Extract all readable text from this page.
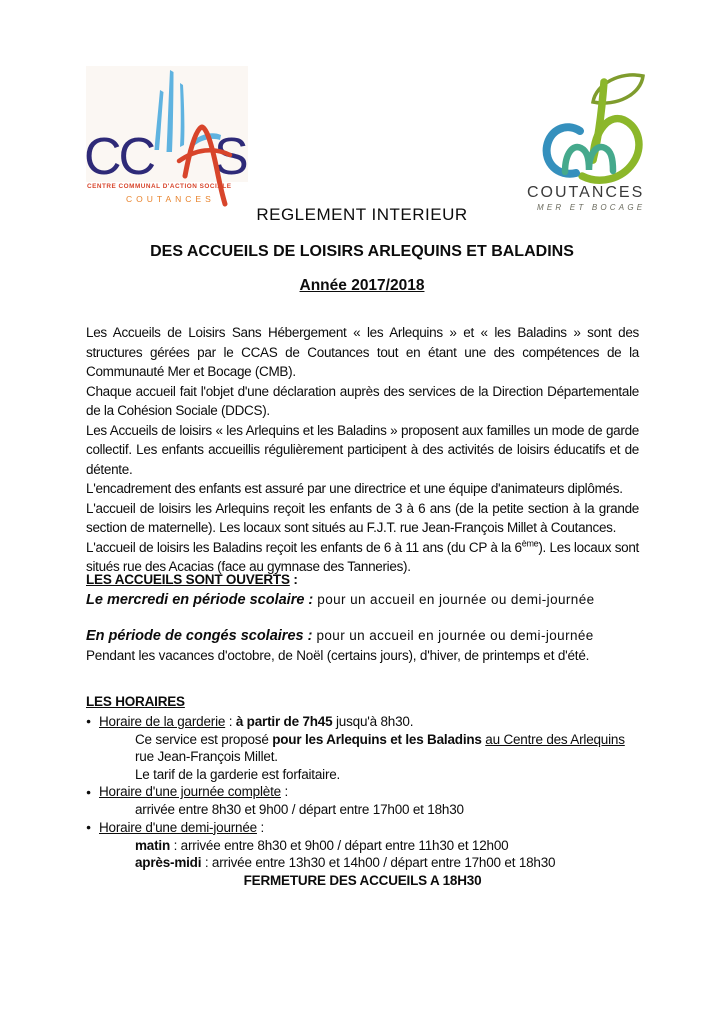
CC S
CENTRE COMMUNAL D'ACTION SOCIALE
COUTANCES	COUTANCES
MER ET BOCAGE
REGLEMENT INTERIEUR
DES ACCUEILS DE LOISIRS ARLEQUINS ET BALADINS
Année 2017/2018

Les Accueils de Loisirs Sans Hébergement « les Arlequins » et « les Baladins » sont des structures gérées par le CCAS de Coutances tout en étant une des compétences de la Communauté Mer et Bocage (CMB).

Chaque accueil fait l'objet d'une déclaration auprès des services de la Direction Départementale de la Cohésion Sociale (DDCS).

Les Accueils de loisirs « les Arlequins et les Baladins » proposent aux familles un mode de garde collectif. Les enfants accueillis régulièrement participent à des activités de loisirs éducatifs et de détente.

L'encadrement des enfants est assuré par une directrice et une équipe d'animateurs diplômés.

L'accueil de loisirs les Arlequins reçoit les enfants de 3 à 6 ans (de la petite section à la grande section de maternelle). Les locaux sont situés au F.J.T. rue Jean-François Millet à Coutances.

L'accueil de loisirs les Baladins reçoit les enfants de 6 à 11 ans (du CP à la 6ème). Les locaux sont situés rue des Acacias (face au gymnase des Tanneries).

LES ACCUEILS SONT OUVERTS :

Le mercredi en période scolaire : pour un accueil en journée ou demi-journée

En période de congés scolaires : pour un accueil en journée ou demi-journée

Pendant les vacances d'octobre, de Noël (certains jours), d'hiver, de printemps et d'été.

LES HORAIRES

● Horaire de la garderie : à partir de 7h45 jusqu'à 8h30.

Ce service est proposé pour les Arlequins et les Baladins au Centre des Arlequins rue Jean-François Millet.

Le tarif de la garderie est forfaitaire.

● Horaire d'une journée complète :

arrivée entre 8h30 et 9h00 / départ entre 17h00 et 18h30

● Horaire d'une demi-journée :

matin : arrivée entre 8h30 et 9h00 / départ entre 11h30 et 12h00

après-midi : arrivée entre 13h30 et 14h00 / départ entre 17h00 et 18h30

FERMETURE DES ACCUEILS A 18H30
